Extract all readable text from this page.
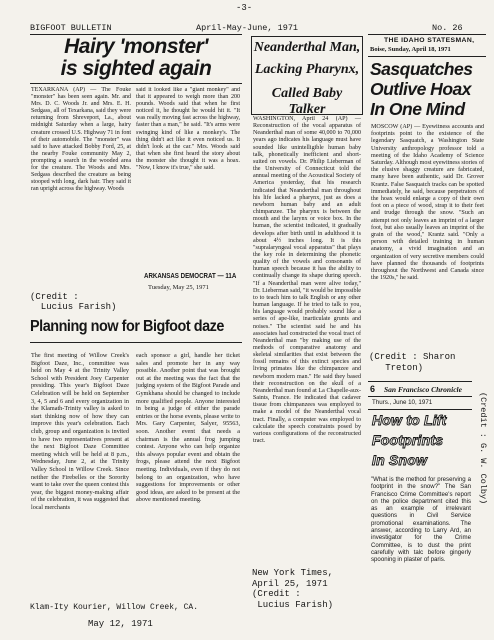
-3-
BIGFOOT BULLETIN	April-May-June, 1971	No. 26
Hairy 'monster'
is sighted again
TEXARKANA (AP) — The Fouke "monster" has been seen again. Mr. and Mrs. D. C. Woods Jr. and Mrs. E. H. Sedgass, all of Texarkana, said they were returning from Shreveport, La., about midnight Saturday when a large, hairy creature crossed U.S. Highway 71 in font of their automobile. The "monster" was said to have attacked Bobby Ford, 25, at the nearby Fouke community May 2, prompting a search in the wooded area for the creature. The Woods and Mrs. Sedgass described the creature as being stooped with long, dark hair. They said it ran upright across the highway. Woods
said it looked like a "giant monkey" and that it appeared to weigh more than 200 pounds. Woods said that when he first noticed it, he thought he would hit it. "It was really moving fast across the highway, faster than a man," he said. "It's arms were swinging kind of like a monkey's. The thing didn't act like it even noticed us. It didn't look at the car." Mrs. Woods said that when she first heard the story about the monster she thought it was a hoax. "Now, I know it's true," she said.
(Credit :
Lucius Farish)
ARKANSAS DEMOCRAT — 11A
Tuesday, May 25, 1971
Planning now for Bigfoot daze
The first meeting of Willow Creek's Bigfoot Daze, Inc., committee was held on May 4 at the Trinity Valley School with President Joey Carpenter presiding. This year's Bigfoot Daze Celebration will be held on September 3, 4, 5 and 6 and every organization in the Klamath-Trinity valley is asked to start thinking now of how they can improve this year's celebration. Each club, group and organization is invited to have two representatives present at the next Bigfoot Daze Committee meeting which will be held at 8 p.m., Wednesday, June 2, at the Trinity Valley School in Willow Creek. Since neither the Firebelles or the Sorority want to take over the queen contest this year, the biggest money-making affair of the celebration, it was suggested that local merchants
each sponsor a girl, handle her ticket sales and promote her in any way possible. Another point that was brought out at the meeting was the fact that the judging system of the Bigfoot Parade and Gymkhana should be changed to include more qualified people. Anyone interested in being a judge of either the parade entries or the horse events, please write to Mrs. Gary Carpenter, Salyer, 95563, soon. Another event that needs a chairman is the annual frog jumping contest. Anyone who can help organize this always popular event and obtain the frogs, please attend the next Bigfoot meeting. Individuals, even if they do not belong to an organization, who have suggestions for improvements or other good ideas, are asked to be present at the above mentioned meeting.
Klam-Ity Kourier, Willow Creek, CA.
May 12, 1971
Neanderthal Man,
Lacking Pharynx,
Called Baby Talker
WASHINGTON, April 24 (AP) —Reconstruction of the vocal apparatus of Neanderthal man of some 40,000 to 70,000 years ago indicates his language must have sounded like unintelligible human baby talk, phonetically inefficient and short-suited on vowels. Dr. Philip Lieberman of the University of Connecticut told the annual meeting of the Acoustical Society of America yesterday, that his research indicated that Neanderthal man throughout his life lacked a pharynx, just as does a newborn human baby and an adult chimpanzee. The pharynx is between the mouth and the larynx or voice box. In the human, the scientist indicated, it gradually develops after birth until in adulthood it is about 4½ inches long. It is this "supralaryngeal vocal apparatus" that plays the key role in determining the phonetic quality of the vowels and consonants of human speech because it has the ability to continually change its shape during speech. "If a Neanderthal man were alive today," Dr. Lieberman said, "it would be impossible to to teach him to talk English or any other human language. If he tried to talk to you, his language would probably sound like a series of ape-like, inarticulate grunts and noises." The scientist said he and his associates had constructed the vocal tract of Neanderthal man "by making use of the methods of comparative anatomy and skeletal similarities that exist between the fossil remains of this extinct species and living primates like the chimpanzee and newborn modern man." He said they based their reconstruction on the skull of a Neanderthal man found at La Chapelle-aux-Saints, France. He indicated that cadaver tissue from chimpanzees was employed to make a model of the Neanderthal vocal tract. Finally, a computer was employed to calculate the speech constraints posed by various configurations of the reconstructed tract.
New York Times,
April 25, 1971
(Credit :
Lucius Farish)
THE IDAHO STATESMAN,
Boise, Sunday, April 18, 1971
Sasquatches
Outlive Hoax
In One Mind
MOSCOW (AP) — Eyewitness accounts and footprints point to the existence of the legendary Sasquatch, a Washington State University anthropology professor told a meeting of the Idaho Academy of Science Saturday. Although most eyewitness stories of the elusive shaggy creature are fabricated, many have been authentic, said Dr. Grover Krantz. False Sasquatch tracks can be spotted immediately, he said, because perpetrators of the hoax would enlarge a copy of their own foot on a piece of wood, strap it to their feet and trudge through the snow. "Such an attempt not only leaves an imprint of a larger foot, but also usually leaves an imprint of the grain of the wood," Krantz said. "Only a person with detailed training in human anatomy, a vivid imagination and an organization of very secretive members could have planned the thousands of footprints throughout the Northwest and Canada since the 1920s," he said.
(Credit : Sharon
Treton)
6 San Francisco Chronicle
Thurs., June 10, 1971
How to Lift
Footprints
In Snow
"What is the method for preserving a footprint in the snow?" The San Francisco Crime Committee's report on the police department cited this as an example of irrelevant questions in Civil Service promotional examinations. The answer, according to Larry Ard, an investigator for the Crime Committee, is to dust the print carefully with talc before gingerly spooning in plaster of paris.
(Credit : G. W. Colby)
